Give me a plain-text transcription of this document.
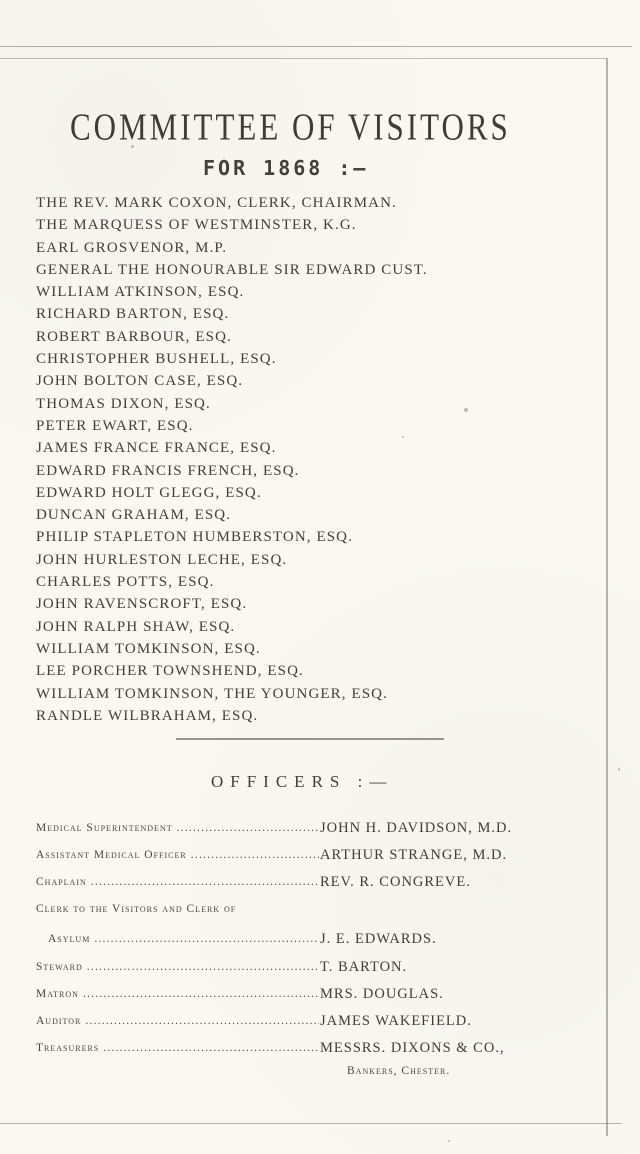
COMMITTEE OF VISITORS
FOR 1868 :—
THE REV. MARK COXON, CLERK, CHAIRMAN.
THE MARQUESS OF WESTMINSTER, K.G.
EARL GROSVENOR, M.P.
GENERAL THE HONOURABLE SIR EDWARD CUST.
WILLIAM ATKINSON, ESQ.
RICHARD BARTON, ESQ.
ROBERT BARBOUR, ESQ.
CHRISTOPHER BUSHELL, ESQ.
JOHN BOLTON CASE, ESQ.
THOMAS DIXON, ESQ.
PETER EWART, ESQ.
JAMES FRANCE FRANCE, ESQ.
EDWARD FRANCIS FRENCH, ESQ.
EDWARD HOLT GLEGG, ESQ.
DUNCAN GRAHAM, ESQ.
PHILIP STAPLETON HUMBERSTON, ESQ.
JOHN HURLESTON LECHE, ESQ.
CHARLES POTTS, ESQ.
JOHN RAVENSCROFT, ESQ.
JOHN RALPH SHAW, ESQ.
WILLIAM TOMKINSON, ESQ.
LEE PORCHER TOWNSHEND, ESQ.
WILLIAM TOMKINSON, THE YOUNGER, ESQ.
RANDLE WILBRAHAM, ESQ.
OFFICERS :—
Medical Superintendent .....	JOHN H. DAVIDSON, M.D.
Assistant Medical Officer .....	ARTHUR STRANGE, M.D.
Chaplain .....	REV. R. CONGREVE.
Clerk to the Visitors and Clerk of
Asylum .....	J. E. EDWARDS.
Steward .....	T. BARTON.
Matron .....	MRS. DOUGLAS.
Auditor .....	JAMES WAKEFIELD.
Treasurers .....	MESSRS. DIXONS & CO.,
Bankers, Chester.
